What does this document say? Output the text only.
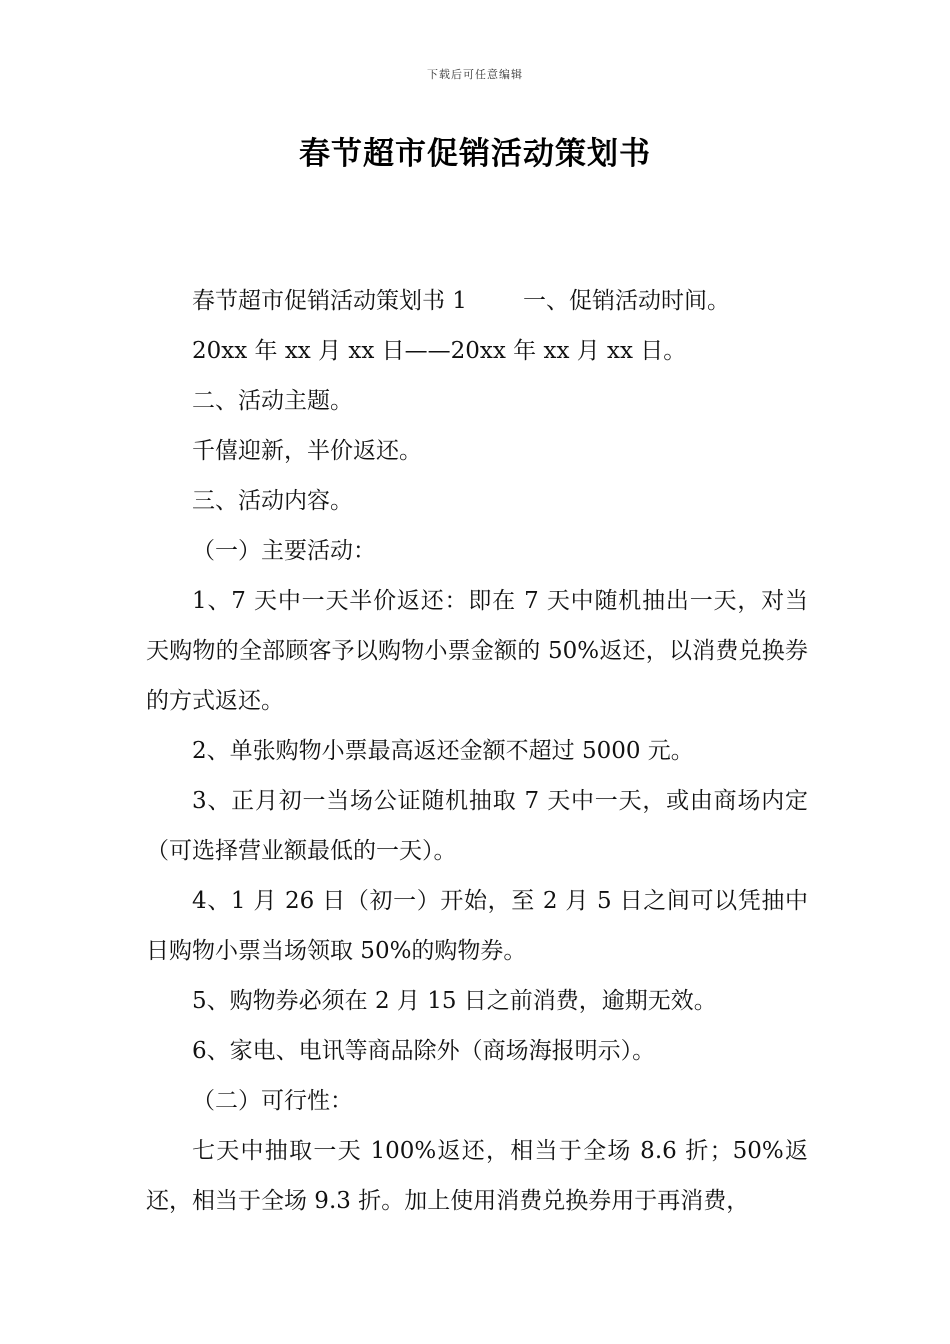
下载后可任意编辑
春节超市促销活动策划书

春节超市促销活动策划书 1 一、促销活动时间。

20xx 年 xx 月 xx 日——20xx 年 xx 月 xx 日。

二、活动主题。

千僖迎新，半价返还。

三、活动内容。

（一）主要活动：

1、7 天中一天半价返还：即在 7 天中随机抽出一天，对当天购物的全部顾客予以购物小票金额的 50%返还，以消费兑换券的方式返还。

2、单张购物小票最高返还金额不超过 5000 元。

3、正月初一当场公证随机抽取 7 天中一天，或由商场内定（可选择营业额最低的一天）。

4、1 月 26 日（初一）开始，至 2 月 5 日之间可以凭抽中日购物小票当场领取 50%的购物券。

5、购物券必须在 2 月 15 日之前消费，逾期无效。

6、家电、电讯等商品除外（商场海报明示）。

（二）可行性：

七天中抽取一天 100%返还，相当于全场 8.6 折；50%返还，相当于全场 9.3 折。加上使用消费兑换券用于再消费，
